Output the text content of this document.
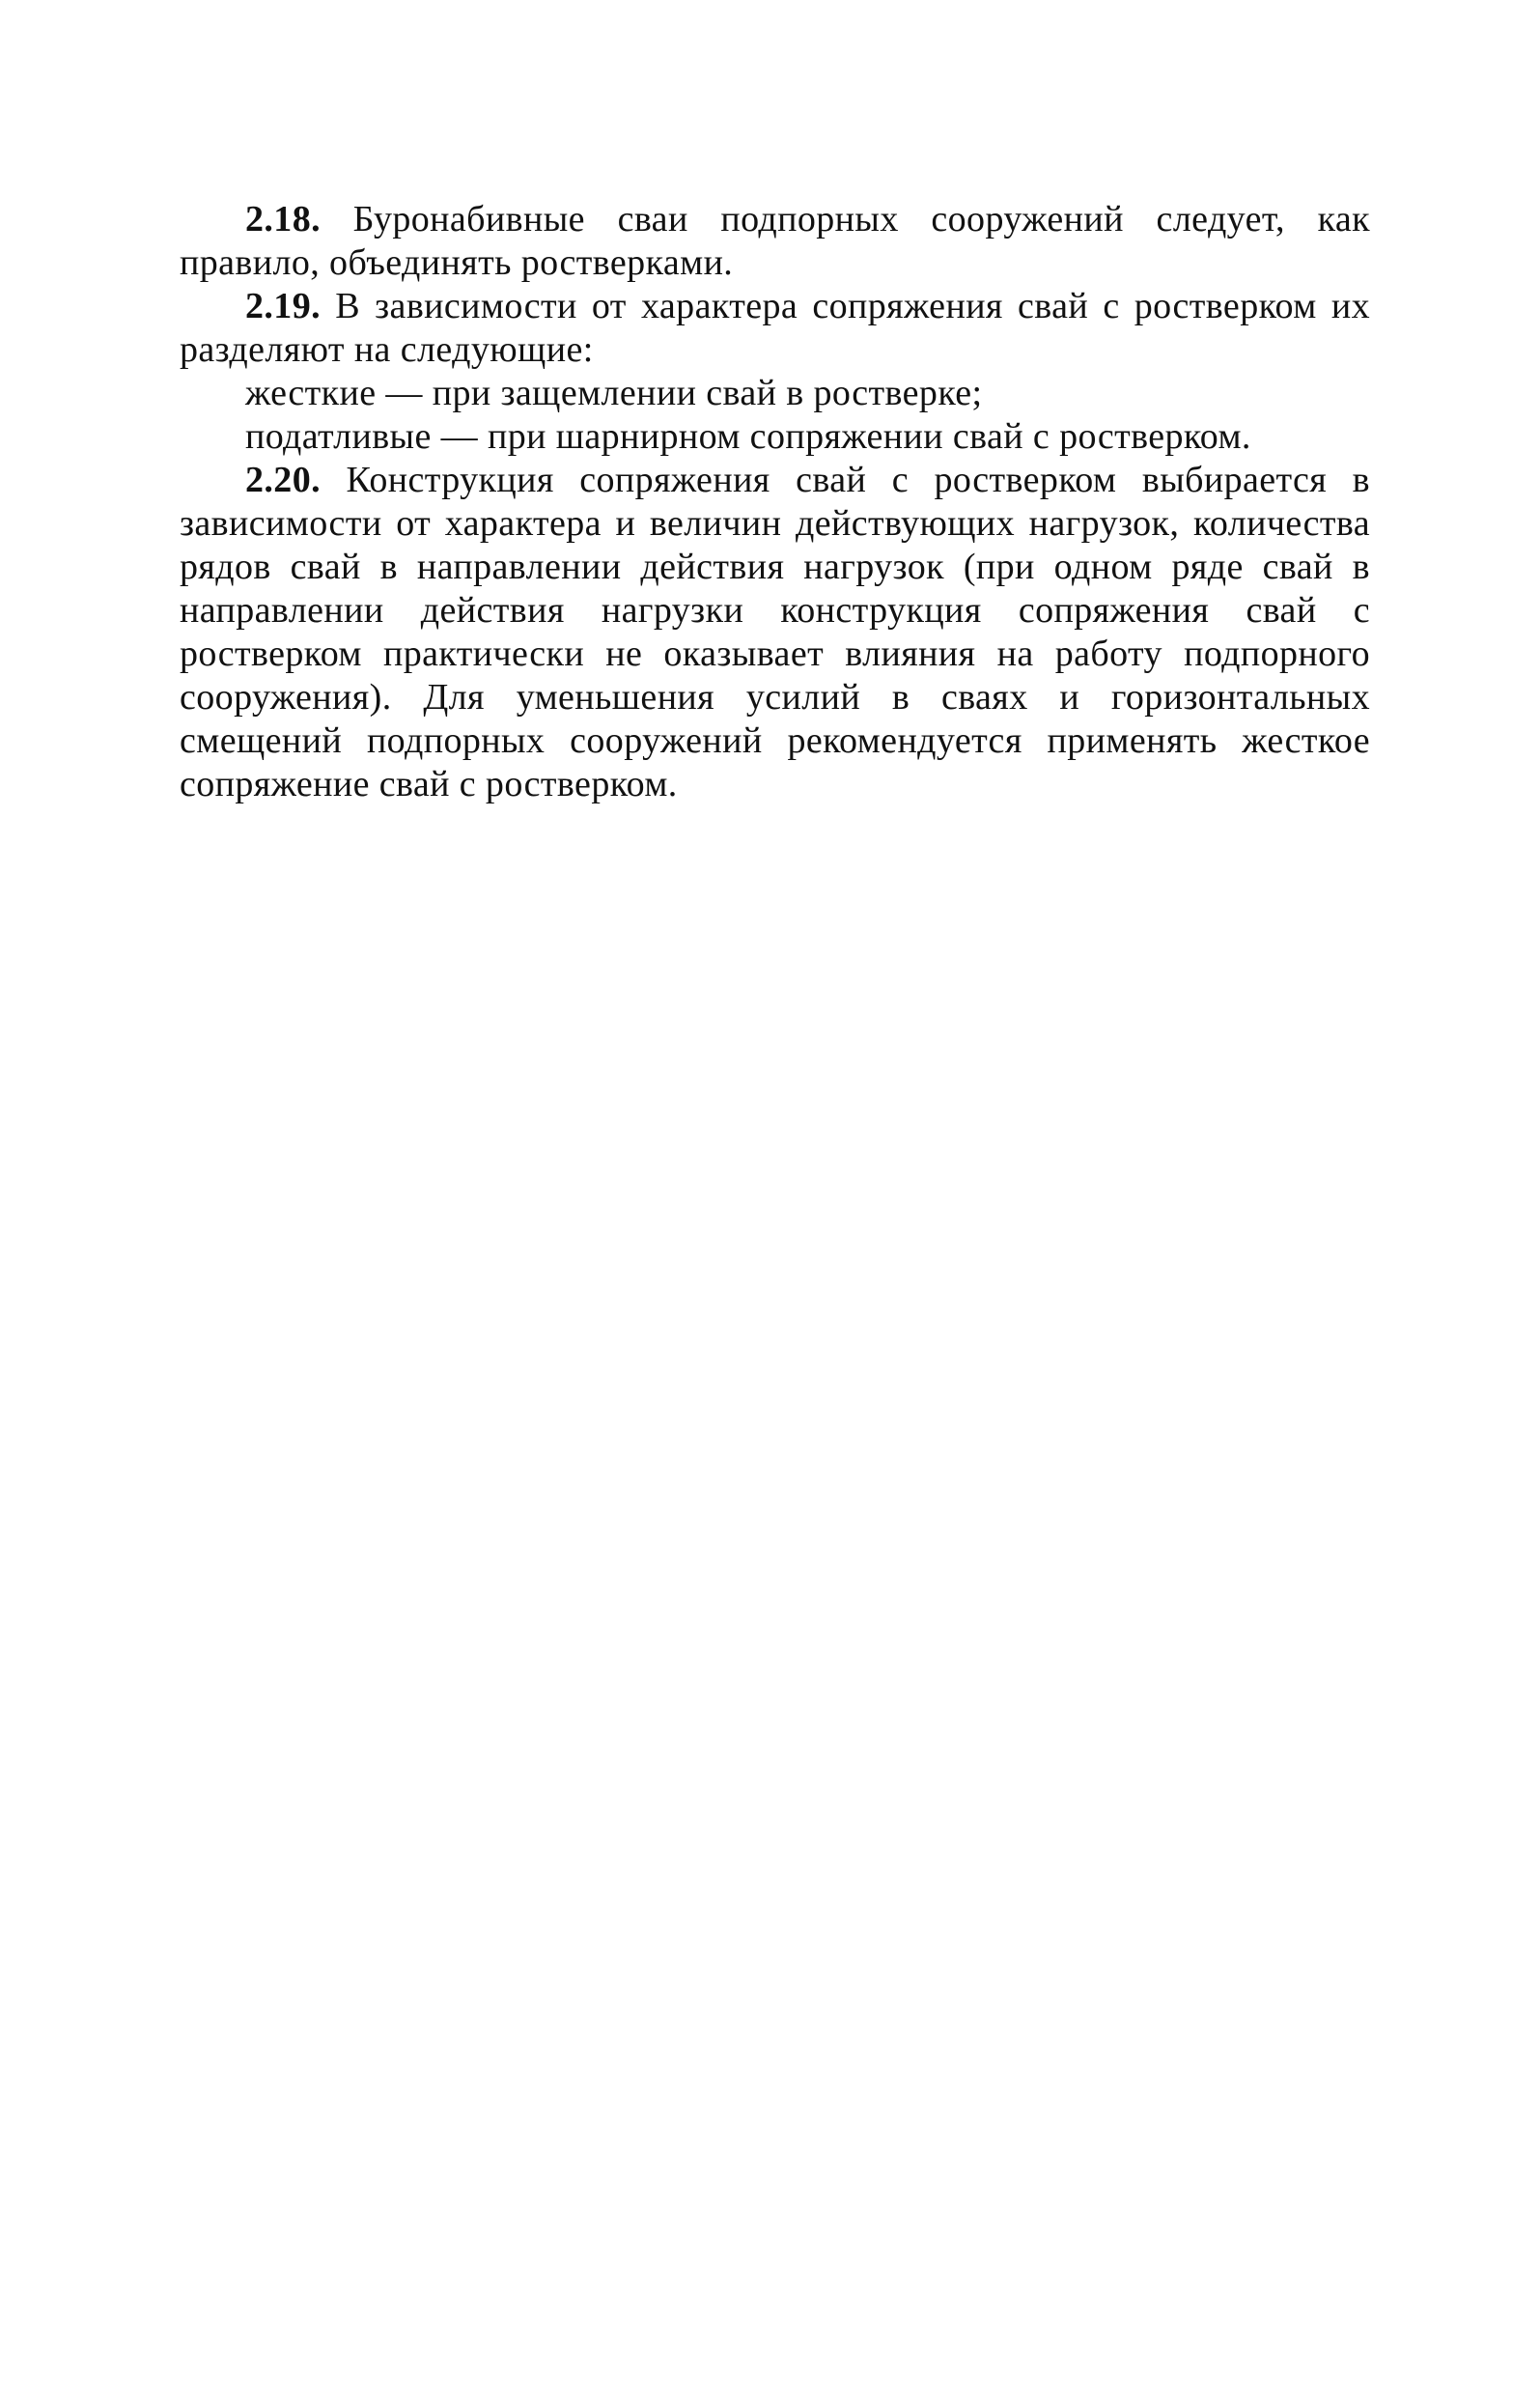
2.18. Буронабивные сваи подпорных сооружений следует, как правило, объединять ростверками.

2.19. В зависимости от характера сопряжения свай с ростверком их разделяют на следующие:

жесткие — при защемлении свай в ростверке;

податливые — при шарнирном сопряжении свай с ростверком.

2.20. Конструкция сопряжения свай с ростверком выбирается в зависимости от характера и величин действующих нагрузок, количества рядов свай в направлении действия нагрузок (при одном ряде свай в направлении действия нагрузки конструкция сопряжения свай с ростверком практически не оказывает влияния на работу подпорного сооружения). Для уменьшения усилий в сваях и горизонтальных смещений подпорных сооружений рекомендуется применять жесткое сопряжение свай с ростверком.
